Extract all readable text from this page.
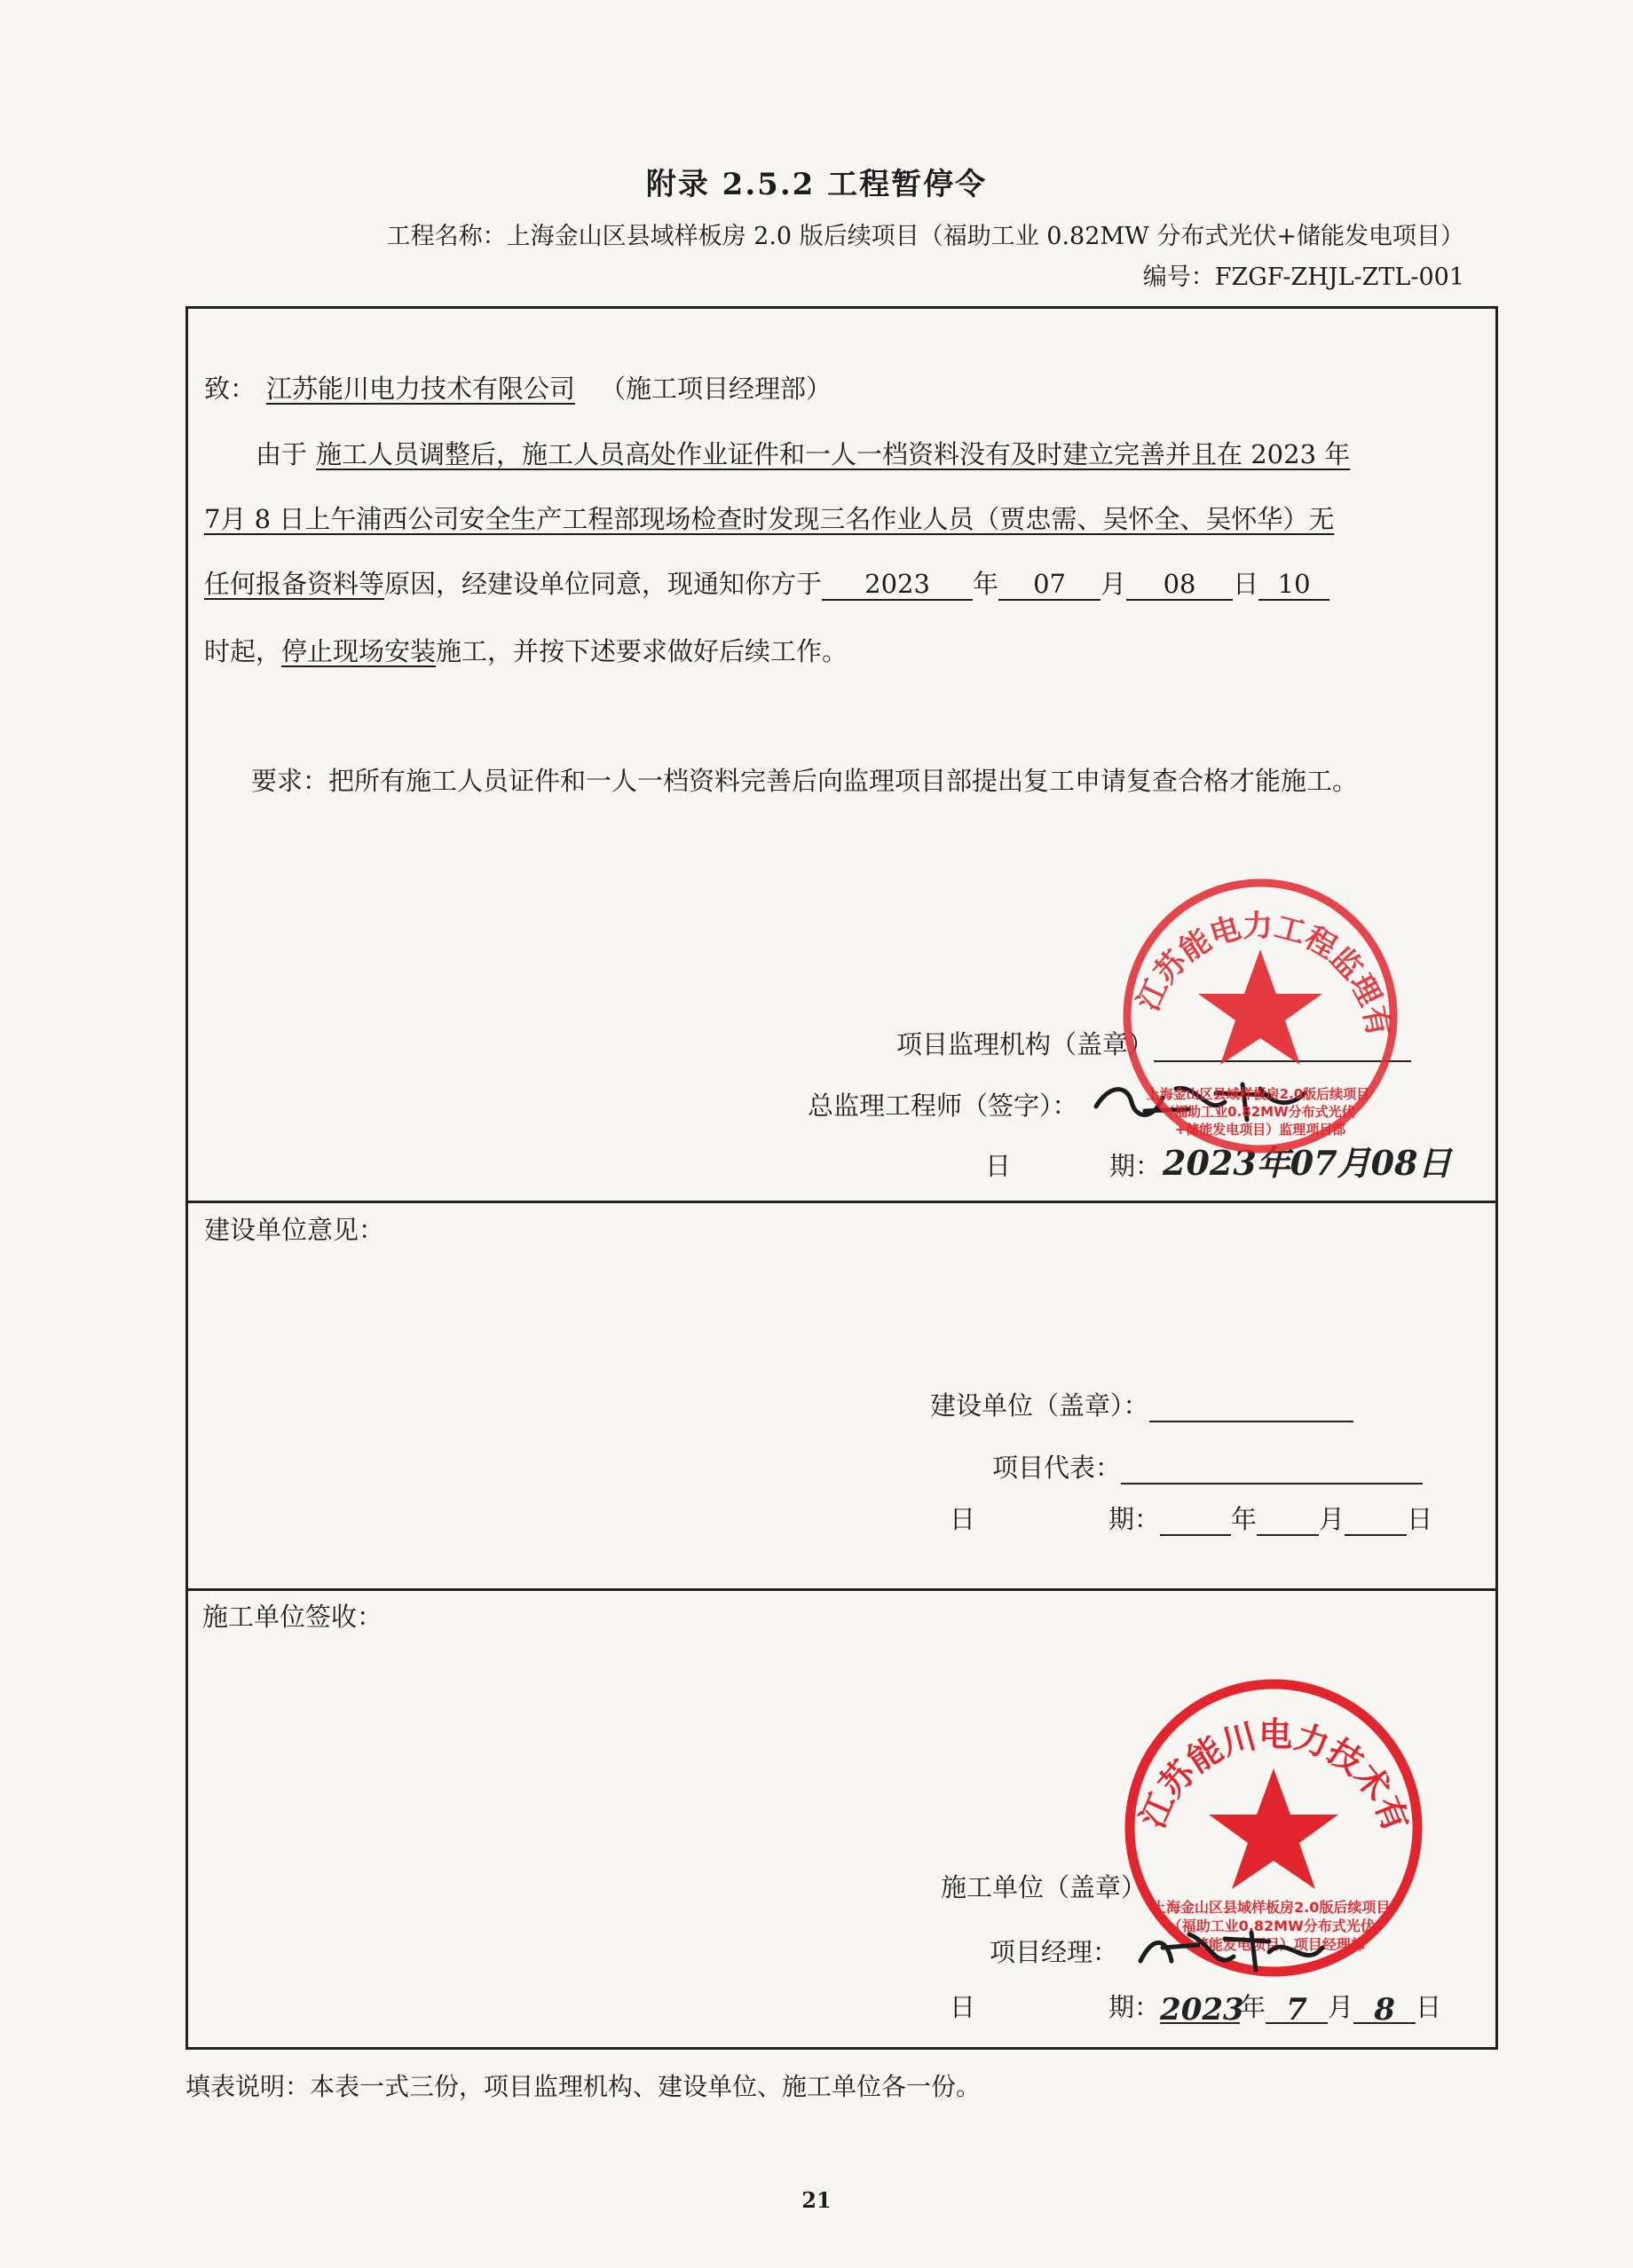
附录 2.5.2 工程暂停令
工程名称：上海金山区县域样板房 2.0 版后续项目（福助工业 0.82MW 分布式光伏+储能发电项目）
编号：FZGF-ZHJL-ZTL-001
致： 江苏能川电力技术有限公司 （施工项目经理部）
由于 施工人员调整后，施工人员高处作业证件和一人一档资料没有及时建立完善并且在 2023 年
7月 8 日上午浦西公司安全生产工程部现场检查时发现三名作业人员（贾忠需、吴怀全、吴怀华）无
任何报备资料等原因，经建设单位同意，现通知你方于 2023 年 07 月 08 日 10
时起，停止现场安装施工，并按下述要求做好后续工作。
要求：把所有施工人员证件和一人一档资料完善后向监理项目部提出复工申请复查合格才能施工。
项目监理机构（盖章）
总监理工程师（签字）：
日	期： 2023年07月08日
江苏能电力工程监理有
上海金山区县域样板房2.0版后续项目 （福助工业0.82MW分布式光伏 +储能发电项目）监理项目部
建设单位意见：
建设单位（盖章）：
项目代表：
日	期：	年 月 日
施工单位签收：
江苏能川电力技术有
上海金山区县域样板房2.0版后续项目 （福助工业0.82MW分布式光伏 +储能发电项目）项目经理部
施工单位（盖章）
项目经理：
日	期：2023年 7 月 8 日
填表说明：本表一式三份，项目监理机构、建设单位、施工单位各一份。
21
